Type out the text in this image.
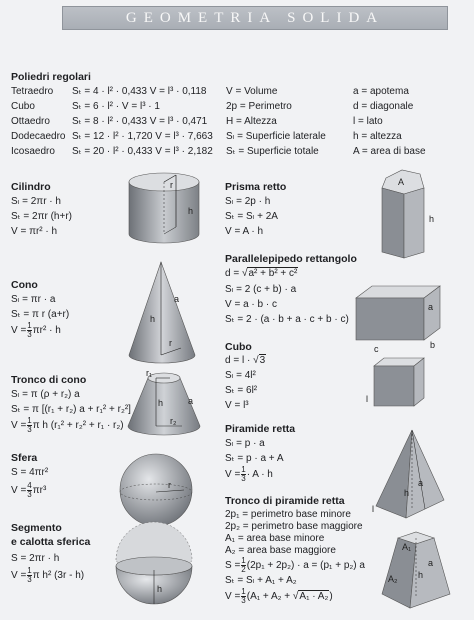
GEOMETRIA SOLIDA
Poliedri regolari
Tetraedro Sₜ = 4 · l² · 0,433 V = l³ · 0,118
Cubo	Sₜ = 6 · l² · V = l³ · 1
Ottaedro Sₜ = 8 · l² · 0,433 V = l³ · 0,471
Dodecaedro Sₜ = 12 · l² · 1,720 V = l³ · 7,663
Icosaedro Sₜ = 20 · l² · 0,433 V = l³ · 2,182
V = Volume
2p = Perimetro
H = Altezza
Sₗ = Superficie laterale
Sₜ = Superficie totale
a = apotema
d = diagonale
l = lato
h = altezza
A = area di base
Cilindro
Sₗ = 2πr · h
Sₜ = 2πr (h+r)
V = πr² · h
r
h
Cono
Sₗ = πr · a
Sₜ = π r (a+r)
$V = \frac{1}{3} \pi r^2 \cdot h$
a
h
r
Tronco di cono
Sₗ = π (ρ + r₂) a
Sₜ = π [(r₁ + r₂) a + r₁² + r₂²]
$V = \frac{1}{3}$ π h (r₁² + r₂² + r₁ · r₂)
r₁
h	a
r₂
Sfera
S = 4πr²
$V = \frac{4}{3} \pi r^3$
r
Segmento
e calotta sferica
S = 2πr · h
$V = \frac{1}{3}$ π h² (3r - h)
h
Prisma retto
Sₗ = 2p · h
Sₜ = Sₗ + 2A
V = A · h
A
h
Parallelepipedo rettangolo
d = √a² + b² + c²
Sₗ = 2 (c + b) · a
V = a · b · c
Sₜ = 2 · (a · b + a · c + b · c)
a
b
c
Cubo
d = l · √3
Sₗ = 4l²
Sₜ = 6l²
V = l³
l
Piramide retta
Sₗ = p · a
Sₜ = p · a + A
$V = \frac{1}{3} \cdot A \cdot h$
a
h
l
Tronco di piramide retta
2p₁ = perimetro base minore
2p₂ = perimetro base maggiore
A₁ = area base minore
A₂ = area base maggiore
$S = \frac{1}{2} (2p_1 + 2p_2) \cdot a = (p_1 + p_2)$ a
Sₜ = Sₗ + A₁ + A₂
$V = \frac{1}{3} (A_1 + A_2 + √A_1 \cdot A_2)$
A₁
a
h
A₂
